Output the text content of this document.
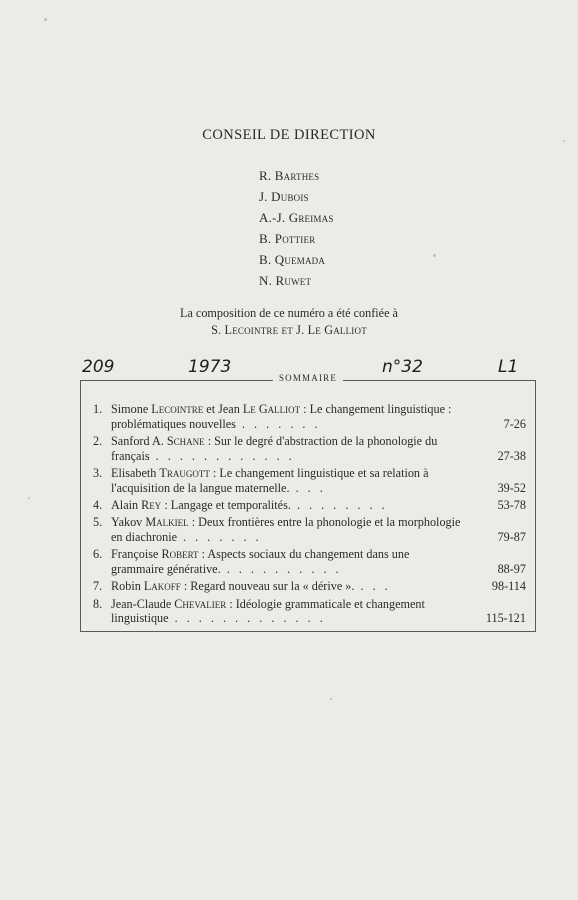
CONSEIL DE DIRECTION
R. Barthes
J. Dubois
A.-J. Greimas
B. Pottier
B. Quemada
N. Ruwet
La composition de ce numéro a été confiée à
S. Lecointre et J. Le Galliot
209	1973	n°32	L1
SOMMAIRE
1. Simone Lecointre et Jean Le Galliot : Le changement linguistique : problématiques nouvelles . . . . . . .	7-26
2. Sanford A. Schane : Sur le degré d'abstraction de la phonologie du français . . . . . . . . . . . .	27-38
3. Elisabeth Traugott : Le changement linguistique et sa relation à l'acquisition de la langue maternelle. . . .	39-52
4. Alain Rey : Langage et temporalités. . . . . . . . .	53-78
5. Yakov Malkiel : Deux frontières entre la phonologie et la morphologie en diachronie . . . . . . .	79-87
6. Françoise Robert : Aspects sociaux du changement dans une grammaire générative. . . . . . . . . . .	88-97
7. Robin Lakoff : Regard nouveau sur la « dérive ». . . .	98-114
8. Jean-Claude Chevalier : Idéologie grammaticale et changement linguistique . . . . . . . . . . . . .	115-121
